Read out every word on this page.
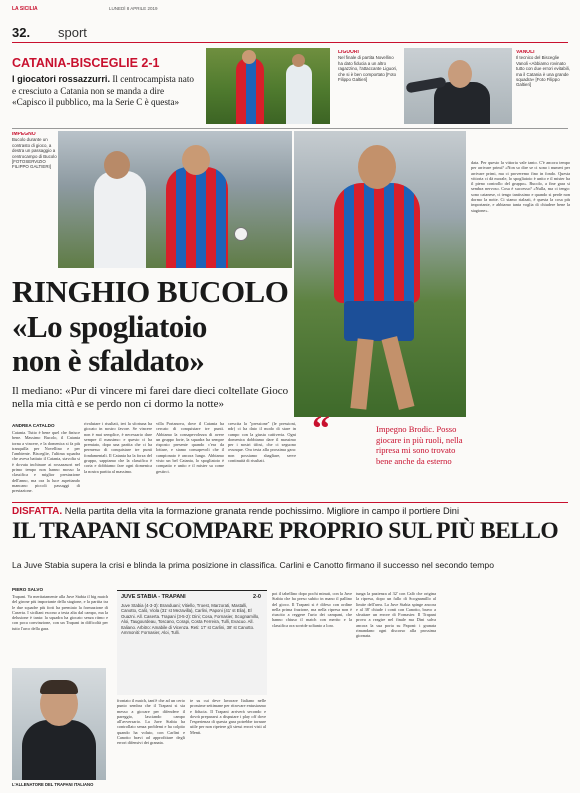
LA SICILIA	LUNEDÌ 8 APRILE 2019
32. sport
CATANIA-BISCEGLIE 2-1
I giocatori rossazzurri. Il centrocampista nato e cresciuto a Catania non se manda a dire «Capisco il pubblico, ma la Serie C è questa»
LIGUORI
Nel finale di partita Novellino ha dato fiducia a un altro ragazzino, l'attaccante Liguori, che si è ben comportato [Foto Filippo Galtieri]
VANOLI
Il tecnico del Bisceglie Vanoli «Abbiamo rovinato tutto con due errori evitabili, ma il Catania è una grande squadra» [Foto Filippo Galtieri]
IMPEGNO
Bucolo durante un contrasto di gioco, a destra un passaggio a centrocampo di Bucolo [FOTOSERVIZIO FILIPPO GALTIERI]
data. Per questo la vittoria vale tanto. C'è ancora tempo per arrivare primi? «Non so dire se ci sono i numeri per arrivare primi, ma ci proveremo fino in fondo. Questa vittoria ci dà morale, lo spogliatoio è unito e il mister ha il pieno controllo del gruppo». Bucolo, a fine gara si sembra nervoso. Cosa è successo? «Nulla, ma ci tengo: sono catanese, ci tengo tantissimo e quando si perde non dormo la notte. Ci siamo rialzati, è questa la cosa più importante, e abbiamo tanta voglia di chiudere bene la stagione».
RINGHIO BUCOLO
«Lo spogliatoio
non è sfaldato»
Il mediano: «Pur di vincere mi farei dare dieci coltellate Gioco nella mia città e se perdo non ci dormo la notte»
ANDREA CATALDO
Catania. Tutto è bene quel che finisce bene. Massimo Bucolo, il Catania torna a vincere, e la domenica si fa più tranquilla per Novellino e per l'ambiente. Bisceglie, l'ultima squadra che aveva battuto il Catania, stavolta si è dovuta inchinare ai rossazzurri nel primo tempo non hanno mosso la classifica e miglior prestazione dell'anno, ma ora la luce aspettando mancano piccoli passaggi di prestazione.
rivalutare i risultati, ieri la sfortuna ha giocato in nostro favore. Se vincere non è mai semplice, è necessario dare sempre il massimo: e questo ci ha premiato, dopo una partita che ci ha permesso di conquistare tre punti fondamentali. Il Catania ha la forza del gruppo, sappiamo che la classifica è corta e dobbiamo fare ogni domenica la nostra partita al massimo.
villa Portanova, dove il Catania ha cercato di conquistare tre punti. Abbiamo la consapevolezza di avere un gruppo forte, la squadra ha sempre risposto presente quando c'era da lottare, e siamo consapevoli che il campionato è ancora lungo. Abbiamo visto un bel Catania, lo spogliatoio è compatto e unito e il mister sa come gestirci.
crescita la "pressione" (le pressioni, ndr) ci ha dato il modo di stare in campo con la giusta cattiveria. Ogni domenica dobbiamo dare il massimo per i nostri tifosi, che ci seguono ovunque. Ora testa alla prossima gara: non possiamo sbagliare, serve continuità di risultati.
“	Impegno Brodic. Posso giocare in più ruoli, nella ripresa mi sono trovato bene anche da esterno
DISFATTA. Nella partita della vita la formazione granata rende pochissimo. Migliore in campo il portiere Dini
IL TRAPANI SCOMPARE PROPRIO SUL PIÙ BELLO
La Juve Stabia supera la crisi e blinda la prima posizione in classifica. Carlini e Canotto firmano il successo nel secondo tempo
PIERO SALVO
L'ALLENATORE DEL TRAPANI ITALIANO
Trapani. Va meritatamente alla Juve Stabia il big match del girone più importante della stagione, e la partita tra le due squadre più forti ha premiato la formazione di Caserta. I siciliani escono a testa alta dal campo, ma la delusione è tanta: la squadra ha giocato senza ritmo e con poca convinzione, con un Trapani in difficoltà per tutto l'arco della gara.
frontato il match, tant'è che ad un certo punto sembra che il Trapani si sia messo a giocare per difendere il pareggio, lasciando campo all'avversario. La Juve Stabia ha controllato senza problemi e ha colpito quando ha voluto, con Carlini e Canotto bravi ad approfittare degli errori difensivi dei granata.
te su cui deve lavorare Italiano nelle prossime settimane per ritrovare entusiasmo e fiducia. Il Trapani arriverà secondo e dovrà prepararsi a disputare i play off dove l'esperienza di questa gara potrebbe tornare utile per non ripetere gli stessi errori visti al Menti.
poi il tabellino dopo pochi minuti, con la Juve Stabia che ha preso subito in mano il pallino del gioco. Il Trapani si è difeso con ordine nella prima frazione, ma nella ripresa non è riuscito a reggere l'urto dei campani, che hanno chiuso il match con merito e la classifica ora sorride soltanto a loro.
tunga la pazienza al 32' con Calò che origina la ripresa, dopo un fallo di Scognamillo al limite dell'area. La Juve Stabia spinge ancora e al 38' chiude i conti con Canotto, bravo a sfruttare un errore di Fornasier. Il Trapani prova a reagire nel finale ma Dini salva ancora la sua porta su Paponi: i granata rimandano ogni discorso alla prossima giornata.
JUVE STABIA - TRAPANI	2-0
Juve Stabia (4-3-3): Branduani; Vitiello, Troest, Marzorati, Mastalli, Canotto, Calò, Viola (31' st Mezavilla), Carlini, Paponi (41' st Elia), El Ouazni. All. Caserta. Trapani (3-5-2): Dini; Cosa, Fornasier, Scognamillo, Aloi, Taugourdeau, Toscano, Corapi, Costa Ferreira, Tulli, Evacuo. All. Italiano. Arbitro: Amabile di Vicenza. Reti: 17' st Carlini, 38' st Canotto. Ammoniti: Fornasier, Aloi, Tulli.
